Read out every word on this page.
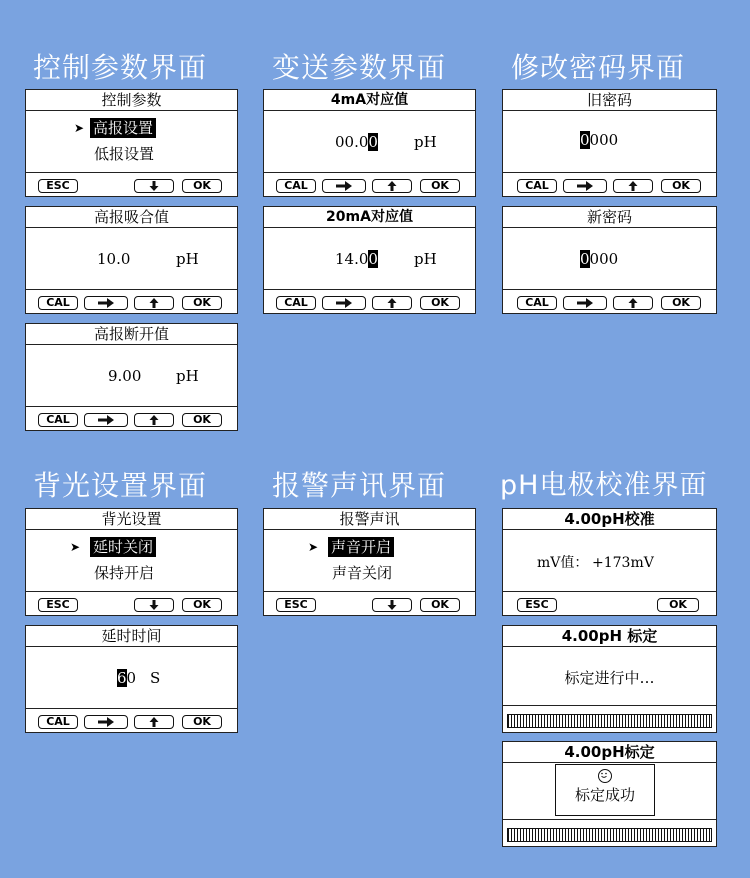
控制参数界面 变送参数界面 修改密码界面
背光设置界面 报警声讯界面 pH电极校准界面
控制参数
➤ 高报设置
低报设置
ESC	OK
高报吸合值
10.0	pH
CAL	OK
高报断开值
9.00 pH
CAL	OK
背光设置
➤ 延时关闭
保持开启
ESC	OK
延时时间
60 S
CAL	OK
4mA对应值
00.00 pH
CAL	OK
20mA对应值
14.00 pH
CAL	OK
报警声讯
➤ 声音开启
声音关闭
ESC	OK
旧密码
0000
CAL	OK
新密码
0000
CAL	OK
4.00pH校准
mV值： +173mV
ESC	OK
4.00pH 标定
标定进行中…
4.00pH标定
标定成功
